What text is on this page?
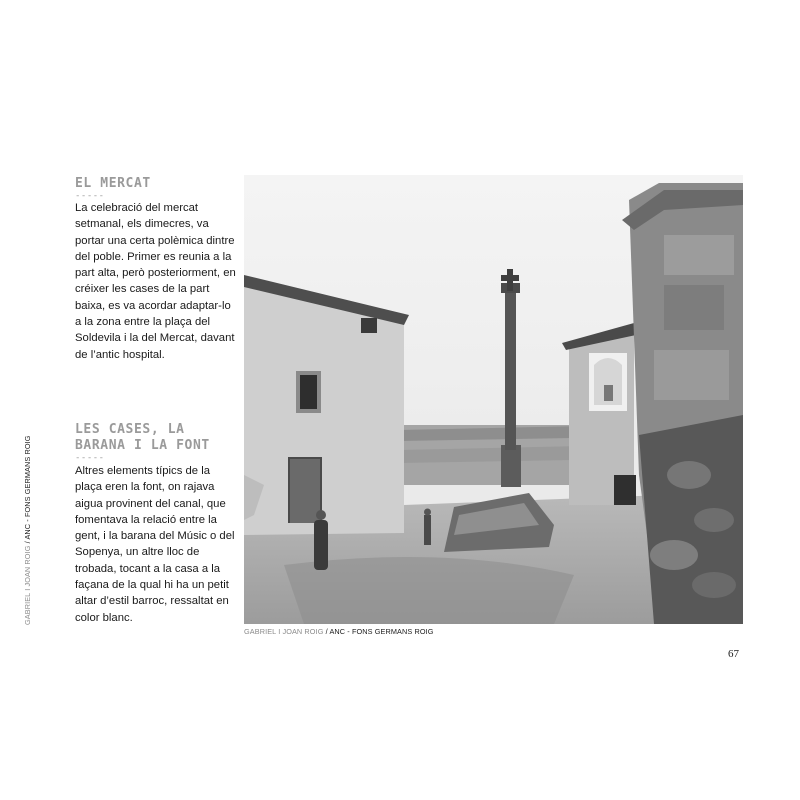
GABRIEL I JOAN ROIG / ANC - FONS GERMANS ROIG
EL MERCAT
-----

La celebració del mercat setmanal, els dimecres, va portar una certa polèmica dintre del poble. Primer es reunia a la part alta, però posteriorment, en créixer les cases de la part baixa, es va acordar adaptar-lo a la zona entre la plaça del Soldevila i la del Mercat, davant de l’antic hospital.

LES CASES, LA
BARANA I LA FONT
-----

Altres elements típics de la plaça eren la font, on rajava aigua provinent del canal, que fomentava la relació entre la gent, i la barana del Músic o del Sopenya, un altre lloc de trobada, tocant a la casa a la façana de la qual hi ha un petit altar d’estil barroc, ressaltat en color blanc.

GABRIEL I JOAN ROIG / ANC - FONS GERMANS ROIG
67
